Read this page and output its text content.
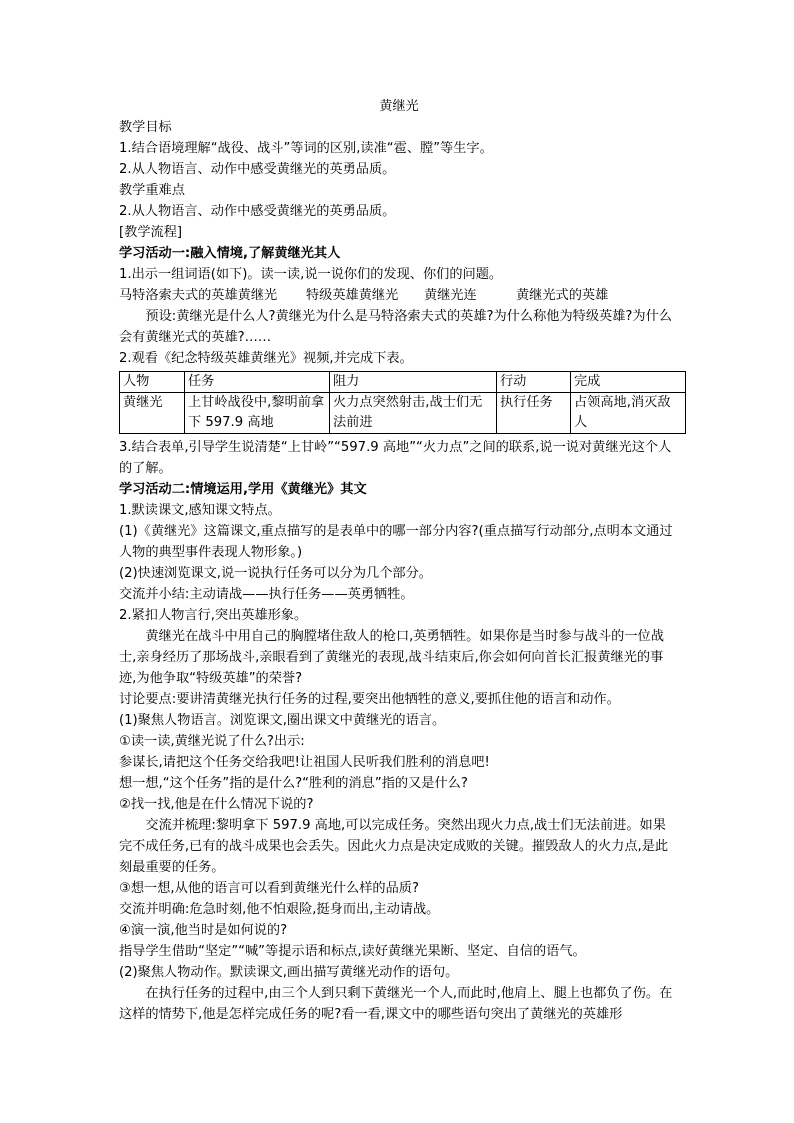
黄继光

教学目标

1.结合语境理解“战役、战斗”等词的区别,读准“雹、膛”等生字。

2.从人物语言、动作中感受黄继光的英勇品质。

教学重难点

2.从人物语言、动作中感受黄继光的英勇品质。

[教学流程]

学习活动一:融入情境,了解黄继光其人

1.出示一组词语(如下)。读一读,说一说你们的发现、你们的问题。

马特洛索夫式的英雄黄继光	特级英雄黄继光	黄继光连	黄继光式的英雄

预设:黄继光是什么人?黄继光为什么是马特洛索夫式的英雄?为什么称他为特级英雄?为什么会有黄继光式的英雄?……

2.观看《纪念特级英雄黄继光》视频,并完成下表。

人物	任务	阻力	行动	完成
黄继光	上甘岭战役中,黎明前拿下 597.9 高地	火力点突然射击,战士们无法前进	执行任务	占领高地,消灭敌人

3.结合表单,引导学生说清楚“上甘岭”“597.9 高地”“火力点”之间的联系,说一说对黄继光这个人的了解。

学习活动二:情境运用,学用《黄继光》其文

1.默读课文,感知课文特点。

(1)《黄继光》这篇课文,重点描写的是表单中的哪一部分内容?(重点描写行动部分,点明本文通过人物的典型事件表现人物形象。)

(2)快速浏览课文,说一说执行任务可以分为几个部分。

交流并小结:主动请战——执行任务——英勇牺牲。

2.紧扣人物言行,突出英雄形象。

黄继光在战斗中用自己的胸膛堵住敌人的枪口,英勇牺牲。如果你是当时参与战斗的一位战士,亲身经历了那场战斗,亲眼看到了黄继光的表现,战斗结束后,你会如何向首长汇报黄继光的事迹,为他争取“特级英雄”的荣誉?

讨论要点:要讲清黄继光执行任务的过程,要突出他牺牲的意义,要抓住他的语言和动作。

(1)聚焦人物语言。浏览课文,圈出课文中黄继光的语言。

①读一读,黄继光说了什么?出示:

参谋长,请把这个任务交给我吧!让祖国人民听我们胜利的消息吧!

想一想,“这个任务”指的是什么?“胜利的消息”指的又是什么?

②找一找,他是在什么情况下说的?

交流并梳理:黎明拿下 597.9 高地,可以完成任务。突然出现火力点,战士们无法前进。如果完不成任务,已有的战斗成果也会丢失。因此火力点是决定成败的关键。摧毁敌人的火力点,是此刻最重要的任务。

③想一想,从他的语言可以看到黄继光什么样的品质?

交流并明确:危急时刻,他不怕艰险,挺身而出,主动请战。

④演一演,他当时是如何说的?

指导学生借助“坚定”“喊”等提示语和标点,读好黄继光果断、坚定、自信的语气。

(2)聚焦人物动作。默读课文,画出描写黄继光动作的语句。

在执行任务的过程中,由三个人到只剩下黄继光一个人,而此时,他肩上、腿上也都负了伤。在这样的情势下,他是怎样完成任务的呢?看一看,课文中的哪些语句突出了黄继光的英雄形
